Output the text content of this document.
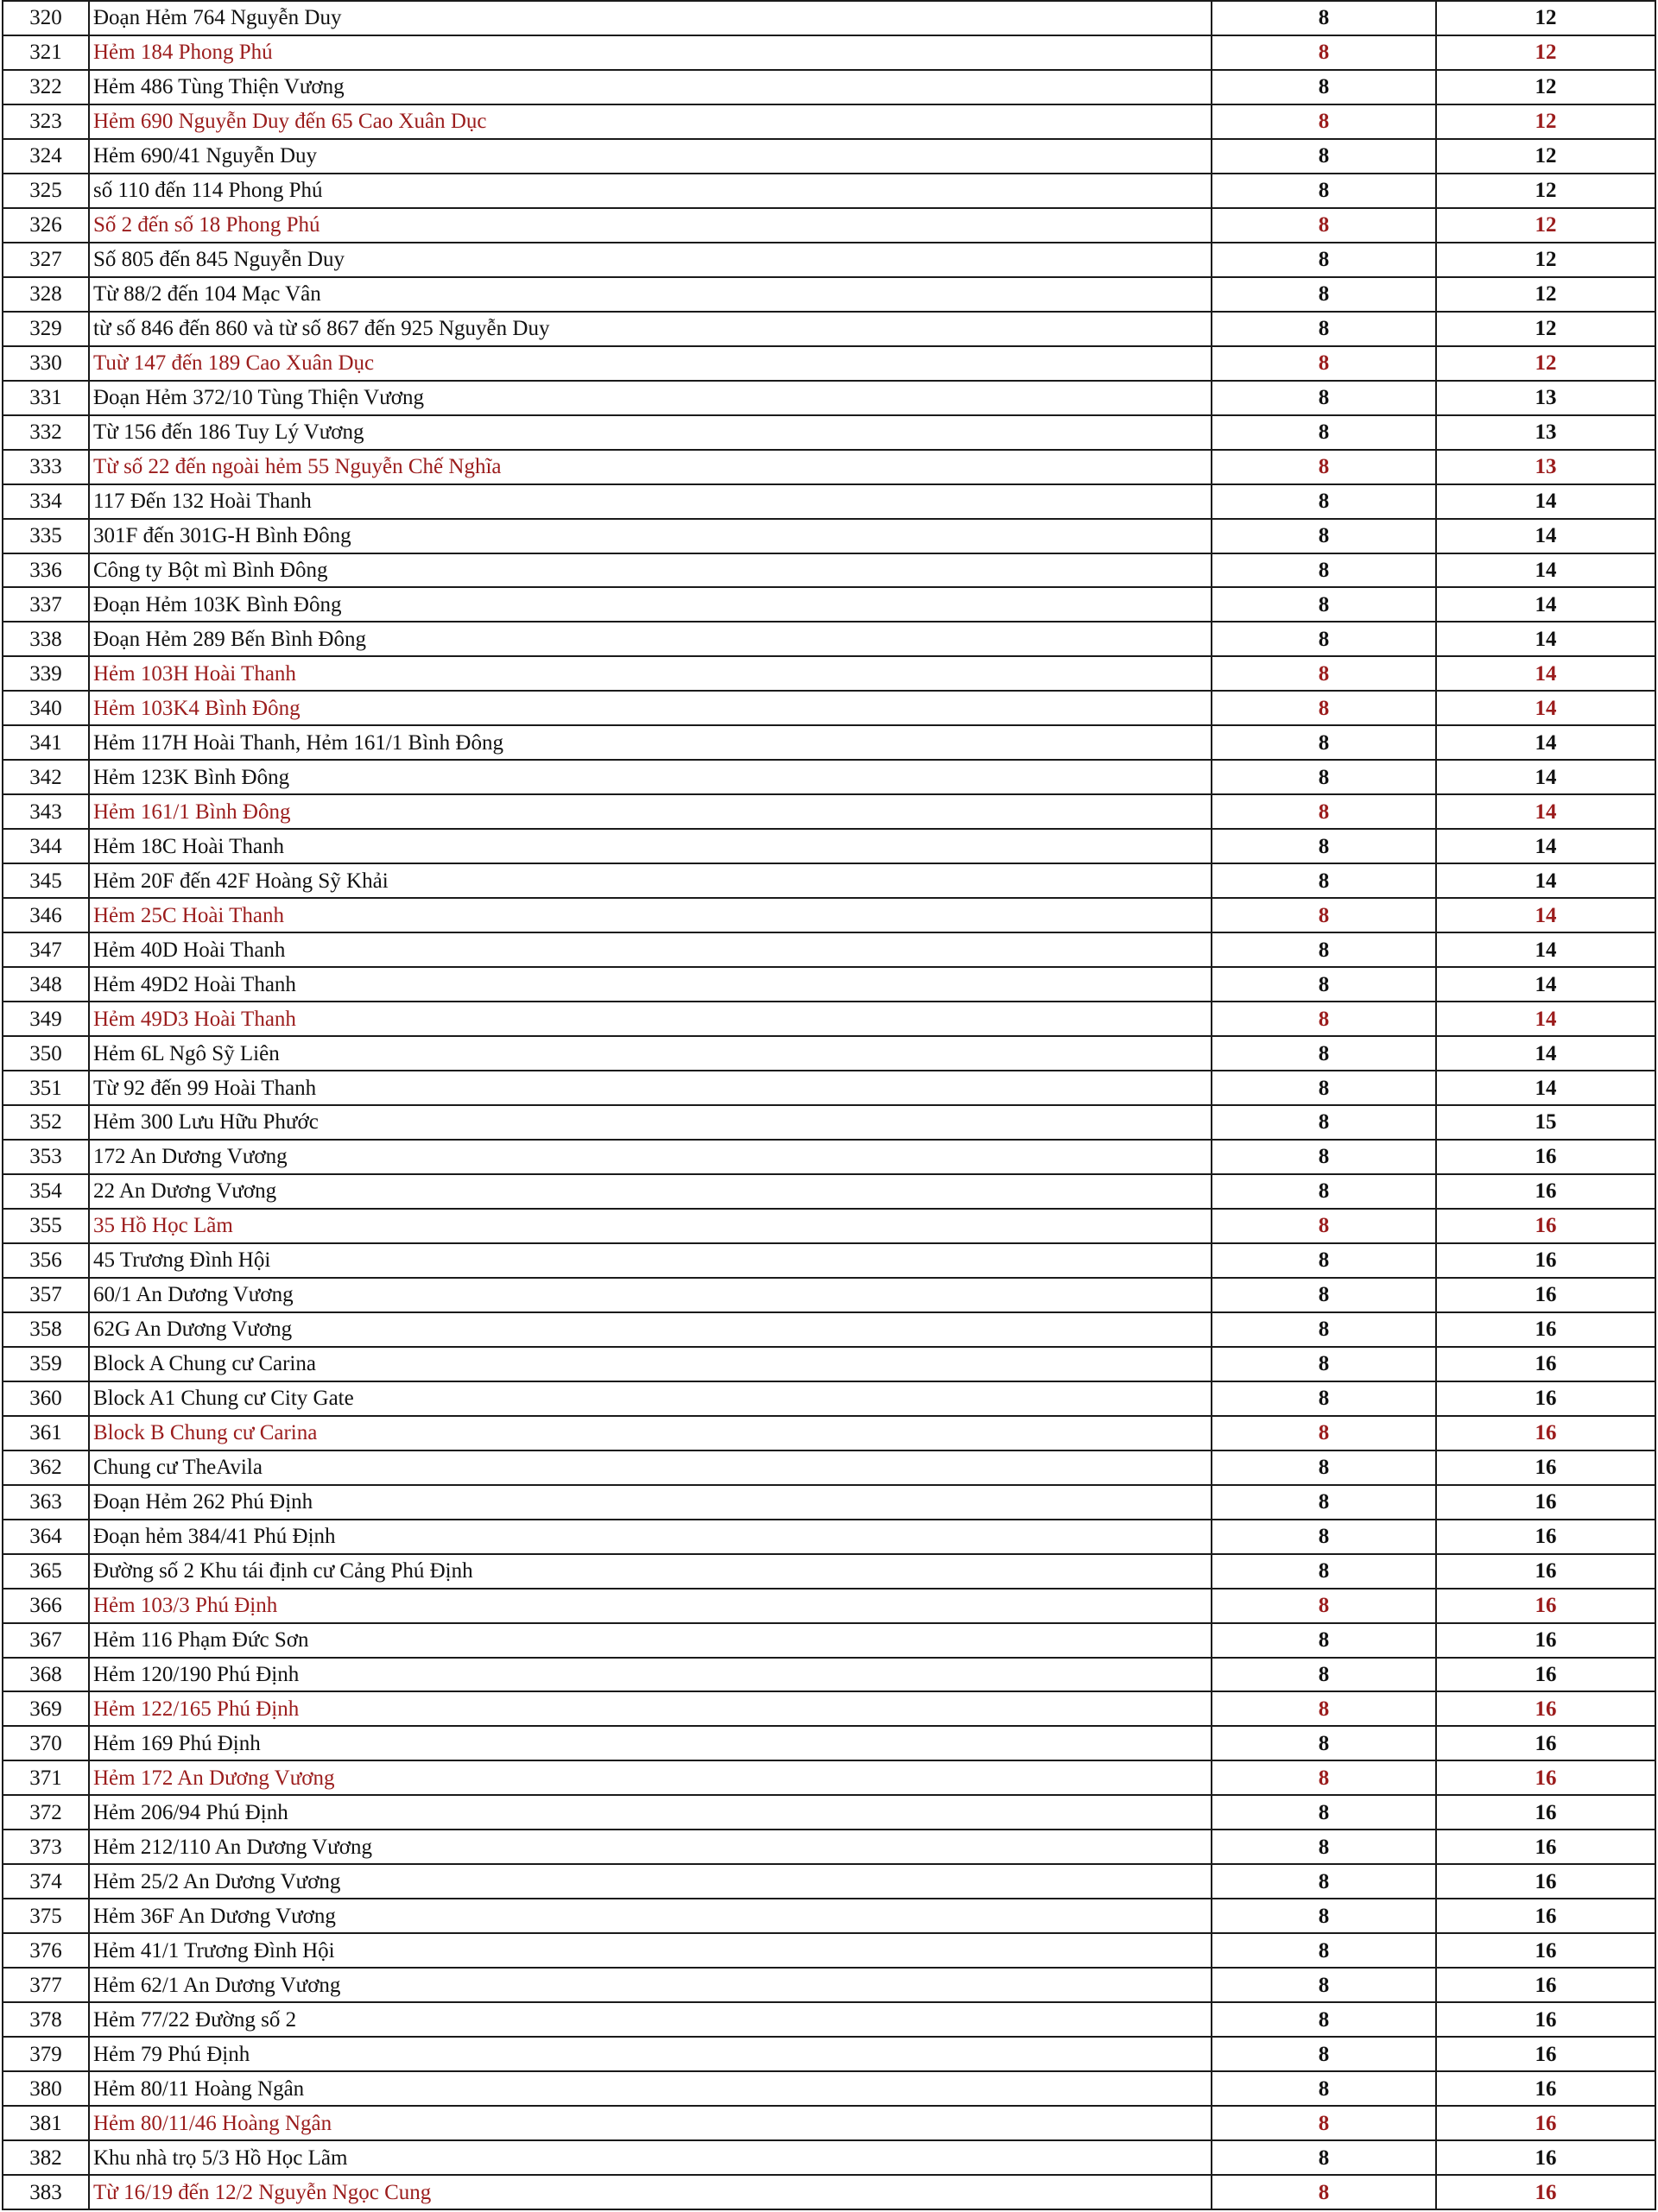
320	Đoạn Hẻm 764 Nguyễn Duy	8	12
321	Hẻm 184 Phong Phú	8	12
322	Hẻm 486 Tùng Thiện Vương	8	12
323	Hẻm 690 Nguyễn Duy đến 65 Cao Xuân Dục	8	12
324	Hẻm 690/41 Nguyễn Duy	8	12
325	số 110 đến 114 Phong Phú	8	12
326	Số 2 đến số 18 Phong Phú	8	12
327	Số 805 đến 845 Nguyễn Duy	8	12
328	Từ 88/2 đến 104 Mạc Vân	8	12
329	từ số 846 đến 860 và từ số 867 đến 925 Nguyễn Duy	8	12
330	Tuừ 147 đến 189 Cao Xuân Dục	8	12
331	Đoạn Hẻm 372/10 Tùng Thiện Vương	8	13
332	Từ 156 đến 186 Tuy Lý Vương	8	13
333	Từ số 22 đến ngoài hẻm 55 Nguyễn Chế Nghĩa	8	13
334	117 Đến 132 Hoài Thanh	8	14
335	301F đến 301G-H Bình Đông	8	14
336	Công ty Bột mì Bình Đông	8	14
337	Đoạn Hẻm 103K Bình Đông	8	14
338	Đoạn Hẻm 289 Bến Bình Đông	8	14
339	Hẻm 103H Hoài Thanh	8	14
340	Hẻm 103K4 Bình Đông	8	14
341	Hẻm 117H Hoài Thanh, Hẻm 161/1 Bình Đông	8	14
342	Hẻm 123K Bình Đông	8	14
343	Hẻm 161/1 Bình Đông	8	14
344	Hẻm 18C Hoài Thanh	8	14
345	Hẻm 20F đến 42F Hoàng Sỹ Khải	8	14
346	Hẻm 25C Hoài Thanh	8	14
347	Hẻm 40D Hoài Thanh	8	14
348	Hẻm 49D2 Hoài Thanh	8	14
349	Hẻm 49D3 Hoài Thanh	8	14
350	Hẻm 6L Ngô Sỹ Liên	8	14
351	Từ 92 đến 99 Hoài Thanh	8	14
352	Hẻm 300 Lưu Hữu Phước	8	15
353	172 An Dương Vương	8	16
354	22 An Dương Vương	8	16
355	35 Hồ Học Lãm	8	16
356	45 Trương Đình Hội	8	16
357	60/1 An Dương Vương	8	16
358	62G An Dương Vương	8	16
359	Block A Chung cư Carina	8	16
360	Block A1 Chung cư City Gate	8	16
361	Block B Chung cư Carina	8	16
362	Chung cư TheAvila	8	16
363	Đoạn Hẻm 262 Phú Định	8	16
364	Đoạn hẻm 384/41 Phú Định	8	16
365	Đường số 2 Khu tái định cư Cảng Phú Định	8	16
366	Hẻm 103/3 Phú Định	8	16
367	Hẻm 116 Phạm Đức Sơn	8	16
368	Hẻm 120/190 Phú Định	8	16
369	Hẻm 122/165 Phú Định	8	16
370	Hẻm 169 Phú Định	8	16
371	Hẻm 172 An Dương Vương	8	16
372	Hẻm 206/94 Phú Định	8	16
373	Hẻm 212/110 An Dương Vương	8	16
374	Hẻm 25/2 An Dương Vương	8	16
375	Hẻm 36F An Dương Vương	8	16
376	Hẻm 41/1 Trương Đình Hội	8	16
377	Hẻm 62/1 An Dương Vương	8	16
378	Hẻm 77/22 Đường số 2	8	16
379	Hẻm 79 Phú Định	8	16
380	Hẻm 80/11 Hoàng Ngân	8	16
381	Hẻm 80/11/46 Hoàng Ngân	8	16
382	Khu nhà trọ 5/3 Hồ Học Lãm	8	16
383	Từ 16/19 đến 12/2 Nguyễn Ngọc Cung	8	16
